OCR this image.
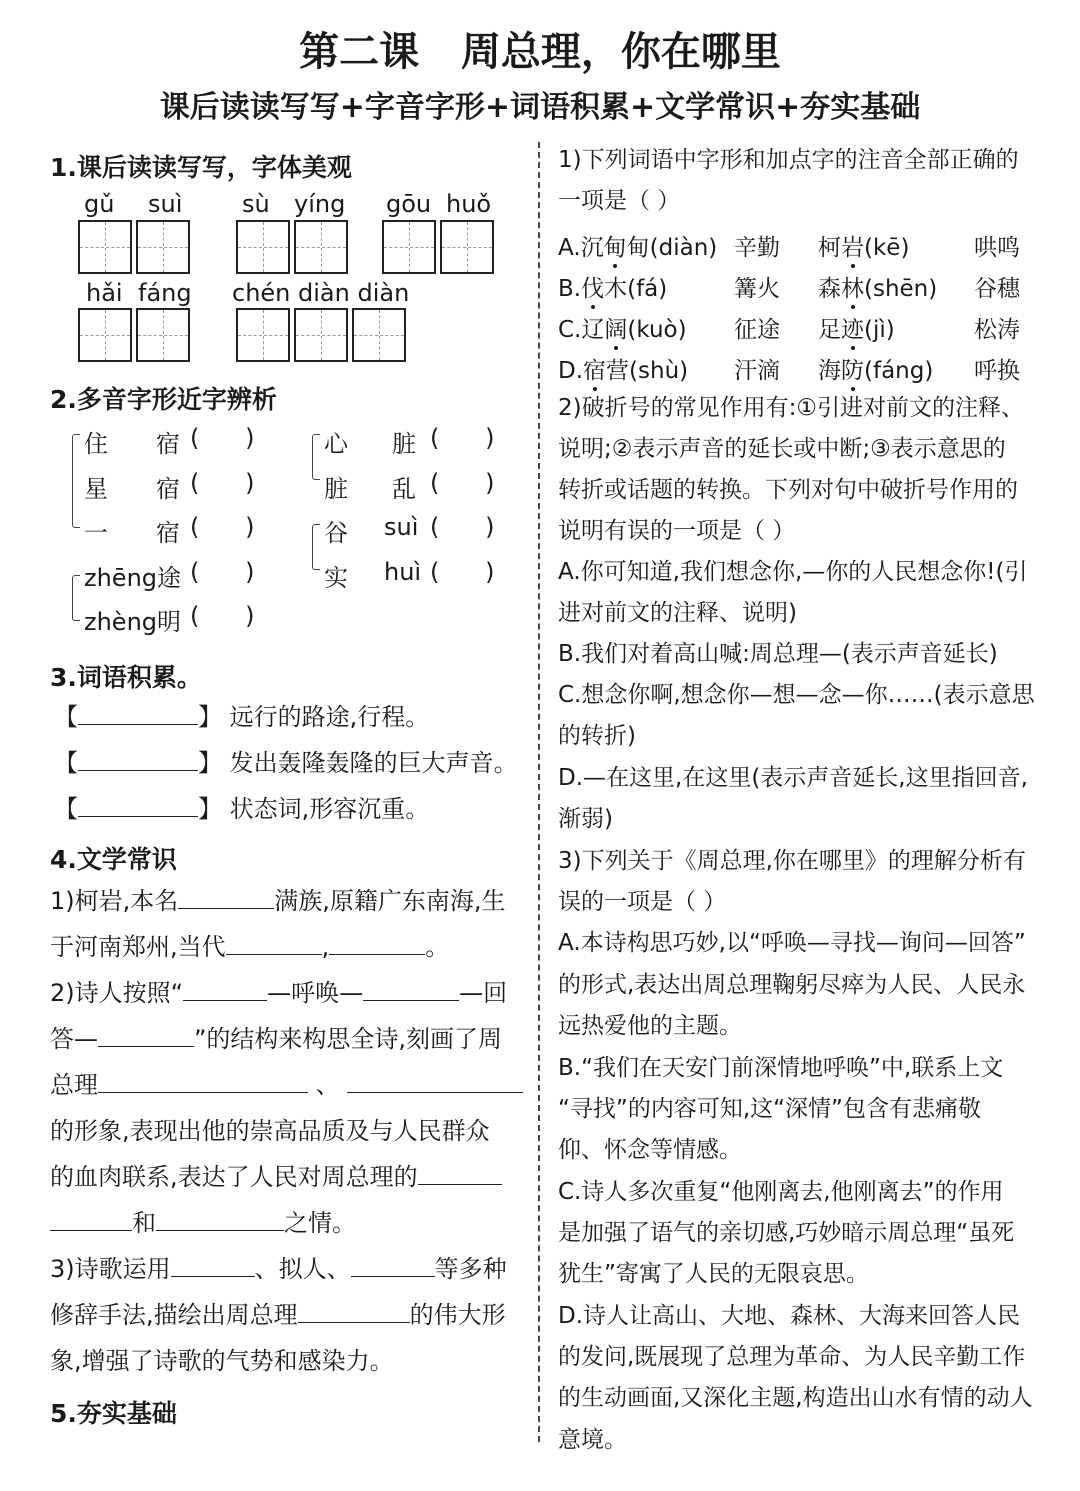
第二课   周总理，你在哪里
课后读读写写+字音字形+词语积累+文学常识+夯实基础
1.课后读读写写，字体美观
gǔ suì sù yíng gōu huǒ
hǎi fáng chén diàn diàn
2.多音字形近字辨析
住 宿 (      )
星 宿 (      )
一 宿 (      )
zhēng途 (      )
zhèng明 (      )
心 脏 (      )
脏 乱 (      )
谷 suì (      )
实 huì (      )
3.词语积累。
【	】 远行的路途,行程。
【	】 发出轰隆轰隆的巨大声音。
【	】 状态词,形容沉重。
4.文学常识
1)柯岩,本名	满族,原籍广东南海,生
于河南郑州,当代	,	。
2)诗人按照“	—呼唤—	—回
答—	”的结构来构思全诗,刻画了周
总理	、
的形象,表现出他的崇高品质及与人民群众
的血肉联系,表达了人民对周总理的
和	之情。
3)诗歌运用	、拟人、	等多种
修辞手法,描绘出周总理	的伟大形
象,增强了诗歌的气势和感染力。
5.夯实基础
1)下列词语中字形和加点字的注音全部正确的
一项是（ ）
A.沉甸甸(diàn) 辛勤 柯岩(kē)	哄鸣
B.伐木(fá)	篝火 森林(shēn) 谷穗
C.辽阔(kuò) 征途 足迹(jì)	松涛
D.宿营(shù) 汗滴 海防(fáng) 呼换
2)破折号的常见作用有:①引进对前文的注释、
说明;②表示声音的延长或中断;③表示意思的
转折或话题的转换。下列对句中破折号作用的
说明有误的一项是（ ）
A.你可知道,我们想念你,—你的人民想念你!(引
进对前文的注释、说明)
B.我们对着高山喊:周总理—(表示声音延长)
C.想念你啊,想念你—想—念—你……(表示意思
的转折)
D.—在这里,在这里(表示声音延长,这里指回音,
渐弱)
3)下列关于《周总理,你在哪里》的理解分析有
误的一项是（ ）
A.本诗构思巧妙,以“呼唤—寻找—询问—回答”
的形式,表达出周总理鞠躬尽瘁为人民、人民永
远热爱他的主题。
B.“我们在天安门前深情地呼唤”中,联系上文
“寻找”的内容可知,这“深情”包含有悲痛敬
仰、怀念等情感。
C.诗人多次重复“他刚离去,他刚离去”的作用
是加强了语气的亲切感,巧妙暗示周总理“虽死
犹生”寄寓了人民的无限哀思。
D.诗人让高山、大地、森林、大海来回答人民
的发问,既展现了总理为革命、为人民辛勤工作
的生动画面,又深化主题,构造出山水有情的动人
意境。
